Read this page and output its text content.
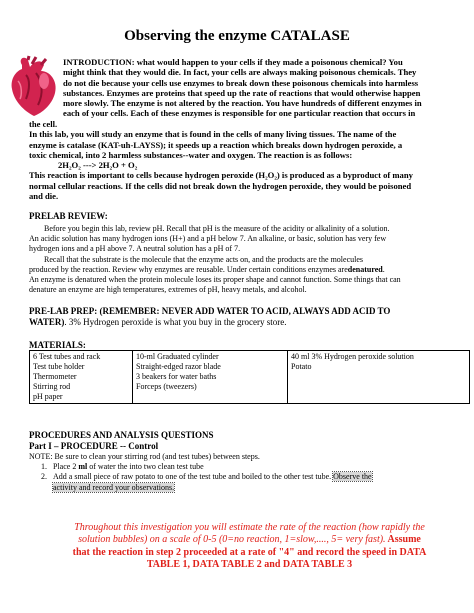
Observing the enzyme CATALASE
INTRODUCTION: what would happen to your cells if they made a poisonous chemical? You
might think that they would die. In fact, your cells are always making poisonous chemicals. They
do not die because your cells use enzymes to break down these poisonous chemicals into harmless
substances. Enzymes are proteins that speed up the rate of reactions that would otherwise happen
more slowly. The enzyme is not altered by the reaction. You have hundreds of different enzymes in
each of your cells. Each of these enzymes is responsible for one particular reaction that occurs in
the cell.
In this lab, you will study an enzyme that is found in the cells of many living tissues. The name of the
enzyme is catalase (KAT-uh-LAYSS); it speeds up a reaction which breaks down hydrogen peroxide, a
toxic chemical, into 2 harmless substances--water and oxygen. The reaction is as follows:
2H₂O₂ ---> 2H₂O + O₂
This reaction is important to cells because hydrogen peroxide (H₂O₂) is produced as a byproduct of many
normal cellular reactions. If the cells did not break down the hydrogen peroxide, they would be poisoned
and die.
PRELAB REVIEW:
Before you begin this lab, review pH. Recall that pH is the measure of the acidity or alkalinity of a solution.
An acidic solution has many hydrogen ions (H+) and a pH below 7. An alkaline, or basic, solution has very few
hydrogen ions and a pH above 7. A neutral solution has a pH of 7.
Recall that the substrate is the molecule that the enzyme acts on, and the products are the molecules
produced by the reaction. Review why enzymes are reusable. Under certain conditions enzymes aredenatured.
An enzyme is denatured when the protein molecule loses its proper shape and cannot function. Some things that can
denature an enzyme are high temperatures, extremes of pH, heavy metals, and alcohol.
PRE-LAB PREP: (REMEMBER: NEVER ADD WATER TO ACID, ALWAYS ADD ACID TO
WATER). 3% Hydrogen peroxide is what you buy in the grocery store.
MATERIALS:
6 Test tubes and rack
Test tube holder
Thermometer
Stirring rod
pH paper

10-ml Graduated cylinder
Straight-edged razor blade
3 beakers for water baths
Forceps (tweezers)

40 ml 3% Hydrogen peroxide solution
Potato
PROCEDURES AND ANALYSIS QUESTIONS
Part I – PROCEDURE -- Control
NOTE: Be sure to clean your stirring rod (and test tubes) between steps.
1. Place 2 ml of water the into two clean test tube
2. Add a small piece of raw potato to one of the test tube and boiled to the other test tube. Observe the
activity and record your observations.
Throughout this investigation you will estimate the rate of the reaction (how rapidly the
solution bubbles) on a scale of 0-5 (0=no reaction, 1=slow,...., 5= very fast). Assume
that the reaction in step 2 proceeded at a rate of "4" and record the speed in DATA
TABLE 1, DATA TABLE 2 and DATA TABLE 3
